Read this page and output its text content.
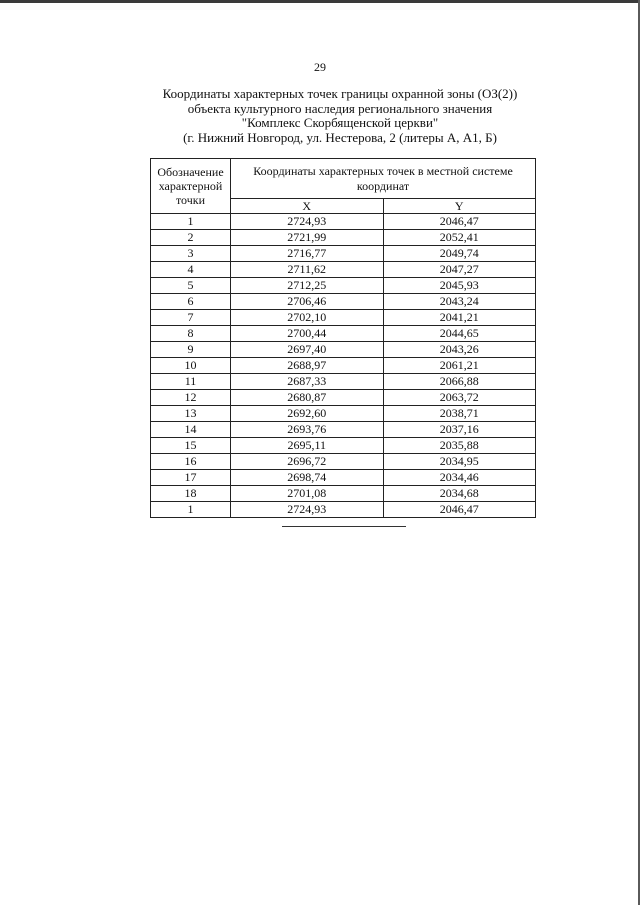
29
Координаты характерных точек границы охранной зоны (ОЗ(2))
объекта культурного наследия регионального значения
"Комплекс Скорбященской церкви"
(г. Нижний Новгород, ул. Нестерова, 2 (литеры А, А1, Б)
Обозначение характерной точки	Координаты характерных точек в местной системе координат	
	X	Y
1	2724,93	2046,47
2	2721,99	2052,41
3	2716,77	2049,74
4	2711,62	2047,27
5	2712,25	2045,93
6	2706,46	2043,24
7	2702,10	2041,21
8	2700,44	2044,65
9	2697,40	2043,26
10	2688,97	2061,21
11	2687,33	2066,88
12	2680,87	2063,72
13	2692,60	2038,71
14	2693,76	2037,16
15	2695,11	2035,88
16	2696,72	2034,95
17	2698,74	2034,46
18	2701,08	2034,68
1	2724,93	2046,47
